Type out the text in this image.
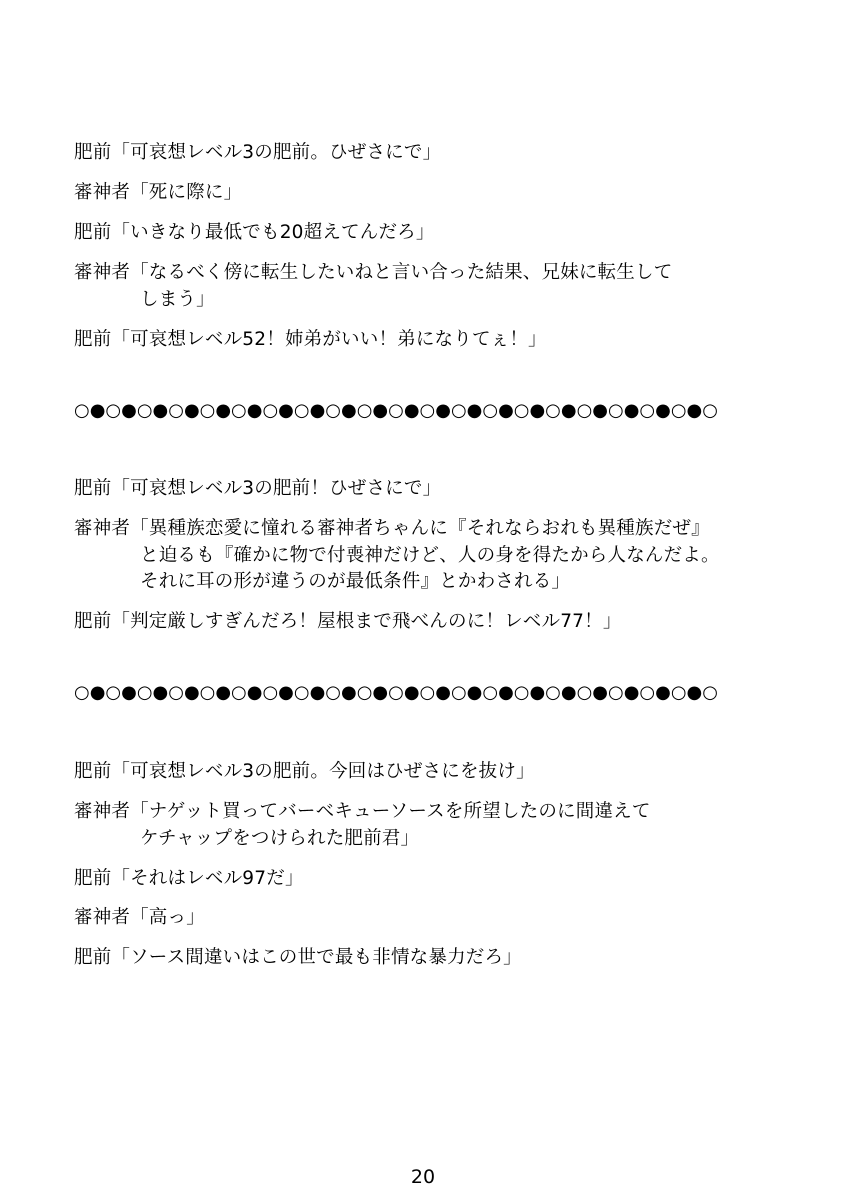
肥前「可哀想レベル3の肥前。ひぜさにで」
審神者「死に際に」
肥前「いきなり最低でも20超えてんだろ」
審神者「なるべく傍に転生したいねと言い合った結果、兄妹に転生して
しまう」
肥前「可哀想レベル52！姉弟がいい！弟になりてぇ！」
○●○●○●○●○●○●○●○●○●○●○●○●○●○●○●○●○●○●○●○●○
肥前「可哀想レベル3の肥前！ひぜさにで」
審神者「異種族恋愛に憧れる審神者ちゃんに『それならおれも異種族だぜ』
と迫るも『確かに物で付喪神だけど、人の身を得たから人なんだよ。
それに耳の形が違うのが最低条件』とかわされる」
肥前「判定厳しすぎんだろ！屋根まで飛べんのに！レベル77！」
○●○●○●○●○●○●○●○●○●○●○●○●○●○●○●○●○●○●○●○●○
肥前「可哀想レベル3の肥前。今回はひぜさにを抜け」
審神者「ナゲット買ってバーベキューソースを所望したのに間違えて
ケチャップをつけられた肥前君」
肥前「それはレベル97だ」
審神者「高っ」
肥前「ソース間違いはこの世で最も非情な暴力だろ」
20
